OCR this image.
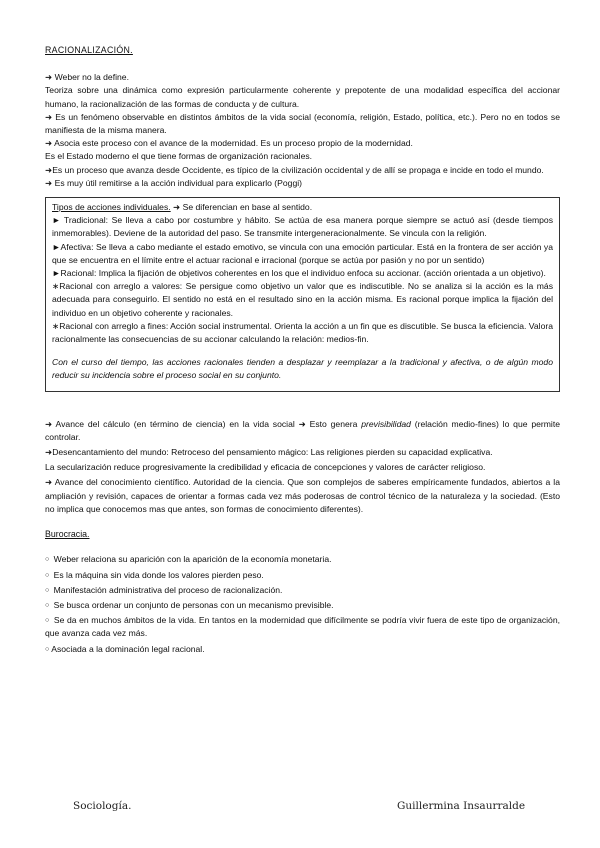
RACIONALIZACIÓN.

➜ Weber no la define.

Teoriza sobre una dinámica como expresión particularmente coherente y prepotente de una modalidad específica del accionar humano, la racionalización de las formas de conducta y de cultura.

➜ Es un fenómeno observable en distintos ámbitos de la vida social (economía, religión, Estado, política, etc.). Pero no en todos se manifiesta de la misma manera.

➜ Asocia este proceso con el avance de la modernidad. Es un proceso propio de la modernidad.

Es el Estado moderno el que tiene formas de organización racionales.

➜Es un proceso que avanza desde Occidente, es típico de la civilización occidental y de allí se propaga e incide en todo el mundo.

➜ Es muy útil remitirse a la acción individual para explicarlo (Poggi)

Tipos de acciones individuales. ➜ Se diferencian en base al sentido.

► Tradicional: Se lleva a cabo por costumbre y hábito. Se actúa de esa manera porque siempre se actuó así (desde tiempos inmemorables). Deviene de la autoridad del paso. Se transmite intergeneracionalmente. Se vincula con la religión.

►Afectiva: Se lleva a cabo mediante el estado emotivo, se vincula con una emoción particular. Está en la frontera de ser acción ya que se encuentra en el límite entre el actuar racional e irracional (porque se actúa por pasión y no por un sentido)

►Racional: Implica la fijación de objetivos coherentes en los que el individuo enfoca su accionar. (acción orientada a un objetivo).

∗Racional con arreglo a valores: Se persigue como objetivo un valor que es indiscutible. No se analiza si la acción es la más adecuada para conseguirlo. El sentido no está en el resultado sino en la acción misma. Es racional porque implica la fijación del individuo en un objetivo coherente y racionales.

∗Racional con arreglo a fines: Acción social instrumental. Orienta la acción a un fin que es discutible. Se busca la eficiencia. Valora racionalmente las consecuencias de su accionar calculando la relación: medios-fin.

Con el curso del tiempo, las acciones racionales tienden a desplazar y reemplazar a la tradicional y afectiva, o de algún modo reducir su incidencia sobre el proceso social en su conjunto.

➜ Avance del cálculo (en término de ciencia) en la vida social ➜ Esto genera previsibilidad (relación medio-fines) lo que permite controlar.

➜Desencantamiento del mundo: Retroceso del pensamiento mágico: Las religiones pierden su capacidad explicativa.

La secularización reduce progresivamente la credibilidad y eficacia de concepciones y valores de carácter religioso.

➜ Avance del conocimiento científico. Autoridad de la ciencia. Que son complejos de saberes empíricamente fundados, abiertos a la ampliación y revisión, capaces de orientar a formas cada vez más poderosas de control técnico de la naturaleza y la sociedad. (Esto no implica que conocemos mas que antes, son formas de conocimiento diferentes).

Burocracia.
○ Weber relaciona su aparición con la aparición de la economía monetaria.
○ Es la máquina sin vida donde los valores pierden peso.
○ Manifestación administrativa del proceso de racionalización.
○ Se busca ordenar un conjunto de personas con un mecanismo previsible.
○ Se da en muchos ámbitos de la vida. En tantos en la modernidad que difícilmente se podría vivir fuera de este tipo de organización, que avanza cada vez más.
○ Asociada a la dominación legal racional.
Sociología.	Guillermina Insaurralde
